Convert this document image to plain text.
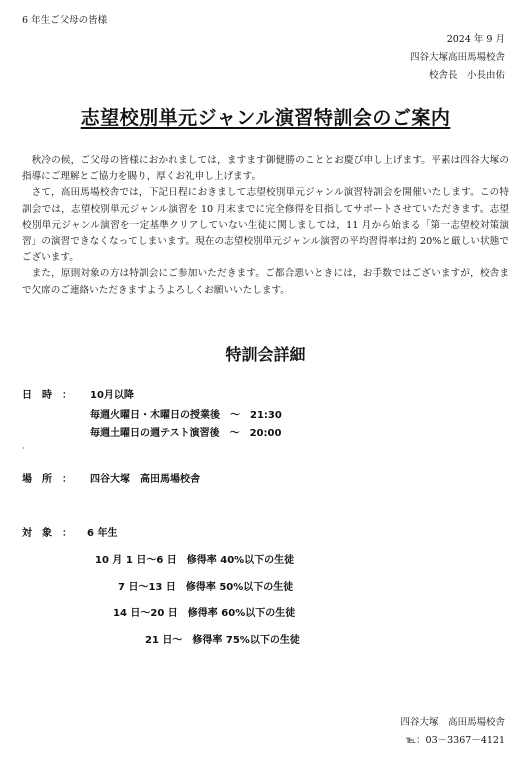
6 年生ご父母の皆様
2024 年 9 月
四谷大塚高田馬場校舎
校舎長　小長由佑
志望校別単元ジャンル演習特訓会のご案内

秋冷の候，ご父母の皆様におかれましては，ますます御健勝のこととお慶び申し上げます。平素は四谷大塚の指導にご理解とご協力を賜り，厚くお礼申し上げます。

さて，高田馬場校舎では，下記日程におきまして志望校別単元ジャンル演習特訓会を開催いたします。この特訓会では，志望校別単元ジャンル演習を 10 月末までに完全修得を目指してサポートさせていただきます。志望校別単元ジャンル演習を一定基準クリアしていない生徒に関しましては，11 月から始まる「第一志望校対策演習」の演習できなくなってしまいます。現在の志望校別単元ジャンル演習の平均習得率は約 20%と厳しい状態でございます。

また，原則対象の方は特訓会にご参加いただきます。ご都合悪いときには，お手数ではございますが，校舎まで欠席のご連絡いただきますようよろしくお願いいたします。

特訓会詳細
日　時　： 10月以降
毎週火曜日・木曜日の授業後　～　21:30
毎週土曜日の週テスト演習後　～　20:00
·
場　所　： 四谷大塚　高田馬場校舎
対　象　： 6 年生
10 月 1 日～6 日　修得率 40%以下の生徒
7 日～13 日　修得率 50%以下の生徒
14 日～20 日　修得率 60%以下の生徒
21 日～　修得率 75%以下の生徒
四谷大塚　高田馬場校舎
℡：03－3367－4121
